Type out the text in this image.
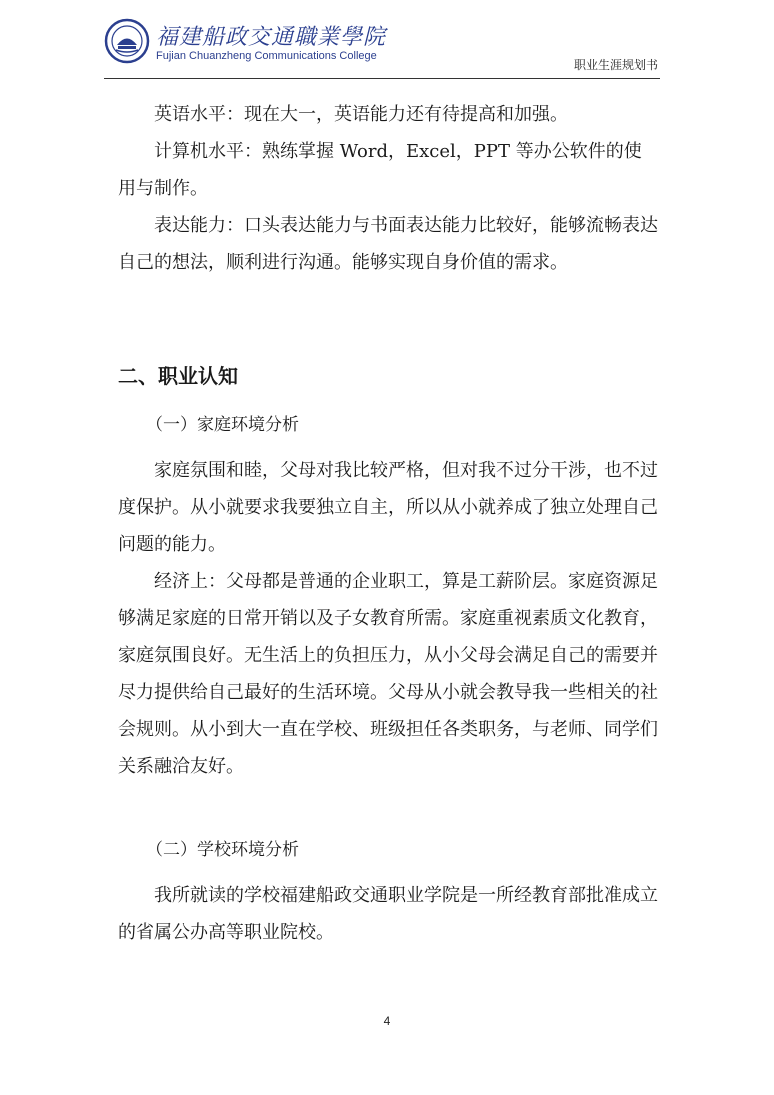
福建船政交通職業學院
Fujian Chuanzheng Communications College
职业生涯规划书

英语水平：现在大一，英语能力还有待提高和加强。

计算机水平：熟练掌握 Word，Excel，PPT 等办公软件的使用与制作。

表达能力：口头表达能力与书面表达能力比较好，能够流畅表达自己的想法，顺利进行沟通。能够实现自身价值的需求。

二、职业认知
（一）家庭环境分析

家庭氛围和睦，父母对我比较严格，但对我不过分干涉，也不过度保护。从小就要求我要独立自主，所以从小就养成了独立处理自己问题的能力。

经济上：父母都是普通的企业职工，算是工薪阶层。家庭资源足够满足家庭的日常开销以及子女教育所需。家庭重视素质文化教育，家庭氛围良好。无生活上的负担压力，从小父母会满足自己的需要并尽力提供给自己最好的生活环境。父母从小就会教导我一些相关的社会规则。从小到大一直在学校、班级担任各类职务，与老师、同学们关系融洽友好。

（二）学校环境分析

我所就读的学校福建船政交通职业学院是一所经教育部批准成立的省属公办高等职业院校。

4
